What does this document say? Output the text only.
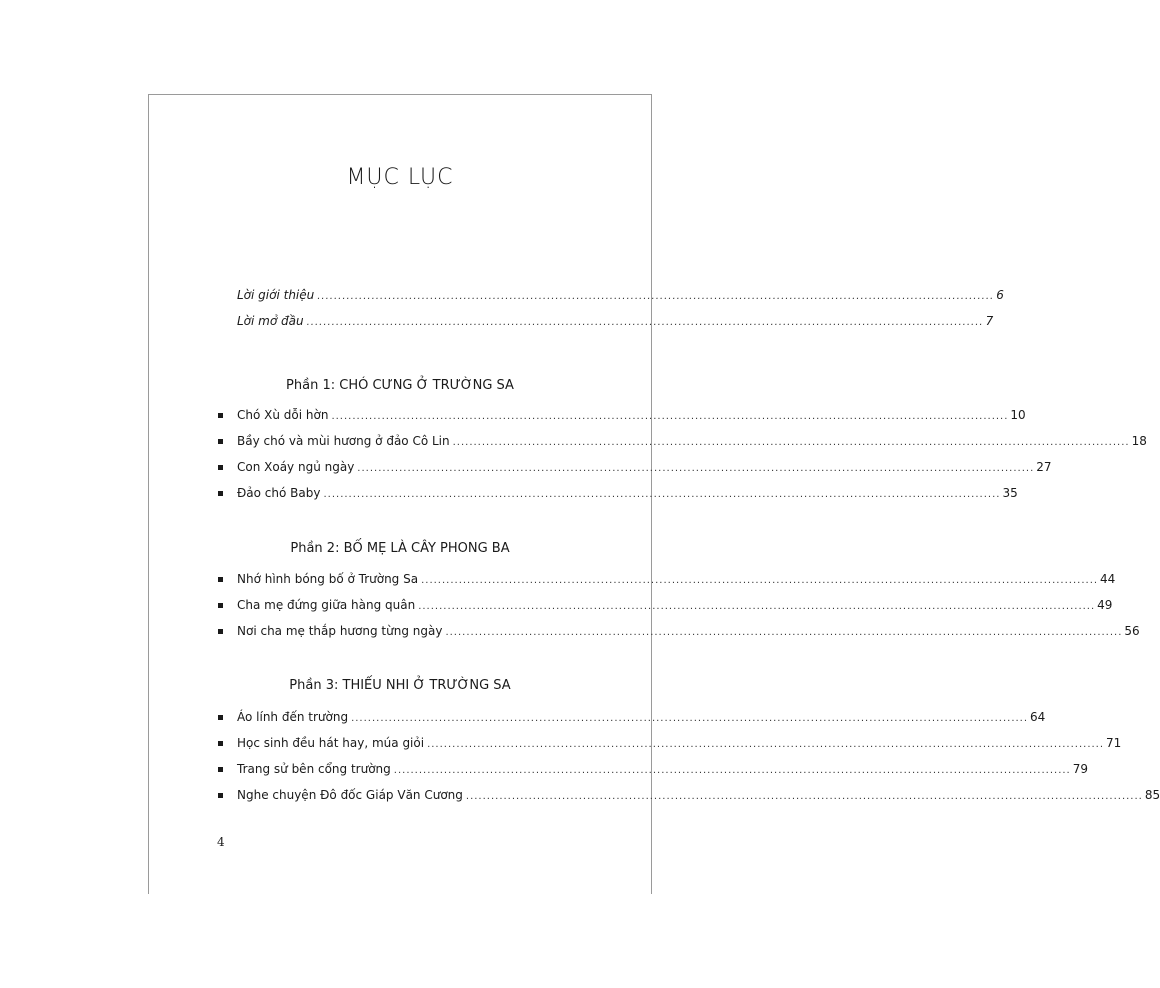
MỤC LỤC
Lời giới thiệu .................................................................................................................................................................. 6
Lời mở đầu .................................................................................................................................................................. 7
Phần 1: CHÓ CƯNG Ở TRƯỜNG SA
Chó Xù dỗi hờn .................................................................................................................................................................. 10
Bầy chó và mùi hương ở đảo Cô Lin .................................................................................................................................................................. 18
Con Xoáy ngủ ngày .................................................................................................................................................................. 27
Đảo chó Baby .................................................................................................................................................................. 35
Phần 2: BỐ MẸ LÀ CÂY PHONG BA
Nhớ hình bóng bố ở Trường Sa .................................................................................................................................................................. 44
Cha mẹ đứng giữa hàng quân .................................................................................................................................................................. 49
Nơi cha mẹ thắp hương từng ngày .................................................................................................................................................................. 56
Phần 3: THIẾU NHI Ở TRƯỜNG SA
Áo lính đến trường .................................................................................................................................................................. 64
Học sinh đều hát hay, múa giỏi .................................................................................................................................................................. 71
Trang sử bên cổng trường .................................................................................................................................................................. 79
Nghe chuyện Đô đốc Giáp Văn Cương .................................................................................................................................................................. 85
4
